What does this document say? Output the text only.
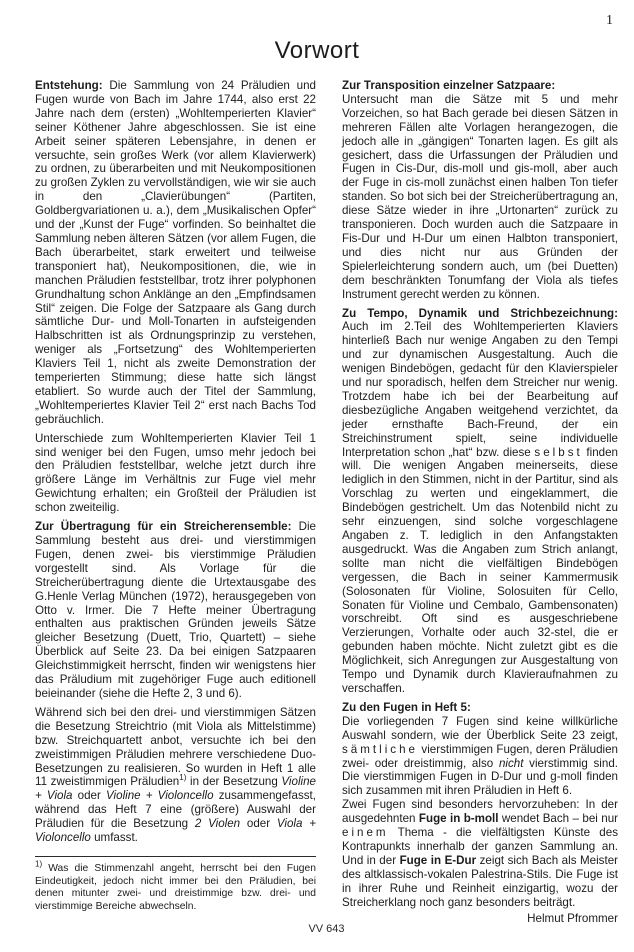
1
Vorwort
Entstehung: Die Sammlung von 24 Präludien und Fugen wurde von Bach im Jahre 1744, also erst 22 Jahre nach dem (ersten) „Wohltemperierten Klavier“ seiner Köthener Jahre abgeschlossen. Sie ist eine Arbeit seiner späteren Lebensjahre, in denen er versuchte, sein großes Werk (vor allem Klavierwerk) zu ordnen, zu überarbeiten und mit Neukompositionen zu großen Zyklen zu vervollständigen, wie wir sie auch in den „Clavierübungen“ (Partiten, Goldbergvariationen u. a.), dem „Musikalischen Opfer“ und der „Kunst der Fuge“ vorfinden. So beinhaltet die Sammlung neben älteren Sätzen (vor allem Fugen, die Bach überarbeitet, stark erweitert und teilweise transponiert hat), Neukompositionen, die, wie in manchen Präludien feststellbar, trotz ihrer polyphonen Grundhaltung schon Anklänge an den „Empfindsamen Stil“ zeigen. Die Folge der Satzpaare als Gang durch sämtliche Dur- und Moll-Tonarten in aufsteigenden Halbschritten ist als Ordnungsprinzip zu verstehen, weniger als „Fortsetzung“ des Wohltemperierten Klaviers Teil 1, nicht als zweite Demonstration der temperierten Stimmung; diese hatte sich längst etabliert. So wurde auch der Titel der Sammlung, „Wohltemperiertes Klavier Teil 2“ erst nach Bachs Tod gebräuchlich.
Unterschiede zum Wohltemperierten Klavier Teil 1 sind weniger bei den Fugen, umso mehr jedoch bei den Präludien feststellbar, welche jetzt durch ihre größere Länge im Verhältnis zur Fuge viel mehr Gewichtung erhalten; ein Großteil der Präludien ist schon zweiteilig.
Zur Übertragung für ein Streicherensemble: Die Sammlung besteht aus drei- und vierstimmigen Fugen, denen zwei- bis vierstimmige Präludien vorgestellt sind. Als Vorlage für die Streicherübertragung diente die Urtextausgabe des G.Henle Verlag München (1972), herausgegeben von Otto v. Irmer. Die 7 Hefte meiner Übertragung enthalten aus praktischen Gründen jeweils Sätze gleicher Besetzung (Duett, Trio, Quartett) – siehe Überblick auf Seite 23. Da bei einigen Satzpaaren Gleichstimmigkeit herrscht, finden wir wenigstens hier das Präludium mit zugehöriger Fuge auch editionell beieinander (siehe die Hefte 2, 3 und 6).
Während sich bei den drei- und vierstimmigen Sätzen die Besetzung Streichtrio (mit Viola als Mittelstimme) bzw. Streichquartett anbot, versuchte ich bei den zweistimmigen Präludien mehrere verschiedene Duo-Besetzungen zu realisieren. So wurden in Heft 1 alle 11 zweistimmigen Präludien$^{1)}$ in der Besetzung Violine + Viola oder Violine + Violoncello zusammengefasst, während das Heft 7 eine (größere) Auswahl der Präludien für die Besetzung 2 Violen oder Viola + Violoncello umfasst.
$^{1)}$ Was die Stimmenzahl angeht, herrscht bei den Fugen Eindeutigkeit, jedoch nicht immer bei den Präludien, bei denen mitunter zwei- und dreistimmige bzw. drei- und vierstimmige Bereiche abwechseln.
Zur Transposition einzelner Satzpaare:
Untersucht man die Sätze mit 5 und mehr Vorzeichen, so hat Bach gerade bei diesen Sätzen in mehreren Fällen alte Vorlagen herangezogen, die jedoch alle in „gängigen“ Tonarten lagen. Es gilt als gesichert, dass die Urfassungen der Präludien und Fugen in Cis-Dur, dis-moll und gis-moll, aber auch der Fuge in cis-moll zunächst einen halben Ton tiefer standen. So bot sich bei der Streicherübertragung an, diese Sätze wieder in ihre „Urtonarten“ zurück zu transponieren. Doch wurden auch die Satzpaare in Fis-Dur und H-Dur um einen Halbton transponiert, und dies nicht nur aus Gründen der Spielerleichterung sondern auch, um (bei Duetten) dem beschränkten Tonumfang der Viola als tiefes Instrument gerecht werden zu können.
Zu Tempo, Dynamik und Strichbezeichnung:
Auch im 2.Teil des Wohltemperierten Klaviers hinterließ Bach nur wenige Angaben zu den Tempi und zur dynamischen Ausgestaltung. Auch die wenigen Bindebögen, gedacht für den Klavierspieler und nur sporadisch, helfen dem Streicher nur wenig. Trotzdem habe ich bei der Bearbeitung auf diesbezügliche Angaben weitgehend verzichtet, da jeder ernsthafte Bach-Freund, der ein Streichinstrument spielt, seine individuelle Interpretation schon „hat“ bzw. diese selbst finden will. Die wenigen Angaben meinerseits, diese lediglich in den Stimmen, nicht in der Partitur, sind als Vorschlag zu werten und eingeklammert, die Bindebögen gestrichelt. Um das Notenbild nicht zu sehr einzuengen, sind solche vorgeschlagene Angaben z. T. lediglich in den Anfangstakten ausgedruckt. Was die Angaben zum Strich anlangt, sollte man nicht die vielfältigen Bindebögen vergessen, die Bach in seiner Kammermusik (Solosonaten für Violine, Solosuiten für Cello, Sonaten für Violine und Cembalo, Gambensonaten) vorschreibt. Oft sind es ausgeschriebene Verzierungen, Vorhalte oder auch 32-stel, die er gebunden haben möchte. Nicht zuletzt gibt es die Möglichkeit, sich Anregungen zur Ausgestaltung von Tempo und Dynamik durch Klavieraufnahmen zu verschaffen.
Zu den Fugen in Heft 5:
Die vorliegenden 7 Fugen sind keine willkürliche Auswahl sondern, wie der Überblick Seite 23 zeigt, sämtliche vierstimmigen Fugen, deren Präludien zwei- oder dreistimmig, also nicht vierstimmig sind. Die vierstimmigen Fugen in D-Dur und g-moll finden sich zusammen mit ihren Präludien in Heft 6.
Zwei Fugen sind besonders hervorzuheben: In der ausgedehnten Fuge in b-moll wendet Bach – bei nur einem Thema - die vielfältigsten Künste des Kontrapunkts innerhalb der ganzen Sammlung an. Und in der Fuge in E-Dur zeigt sich Bach als Meister des altklassisch-vokalen Palestrina-Stils. Die Fuge ist in ihrer Ruhe und Reinheit einzigartig, wozu der Streicherklang noch ganz besonders beiträgt.
Helmut Pfrommer
VV 643
